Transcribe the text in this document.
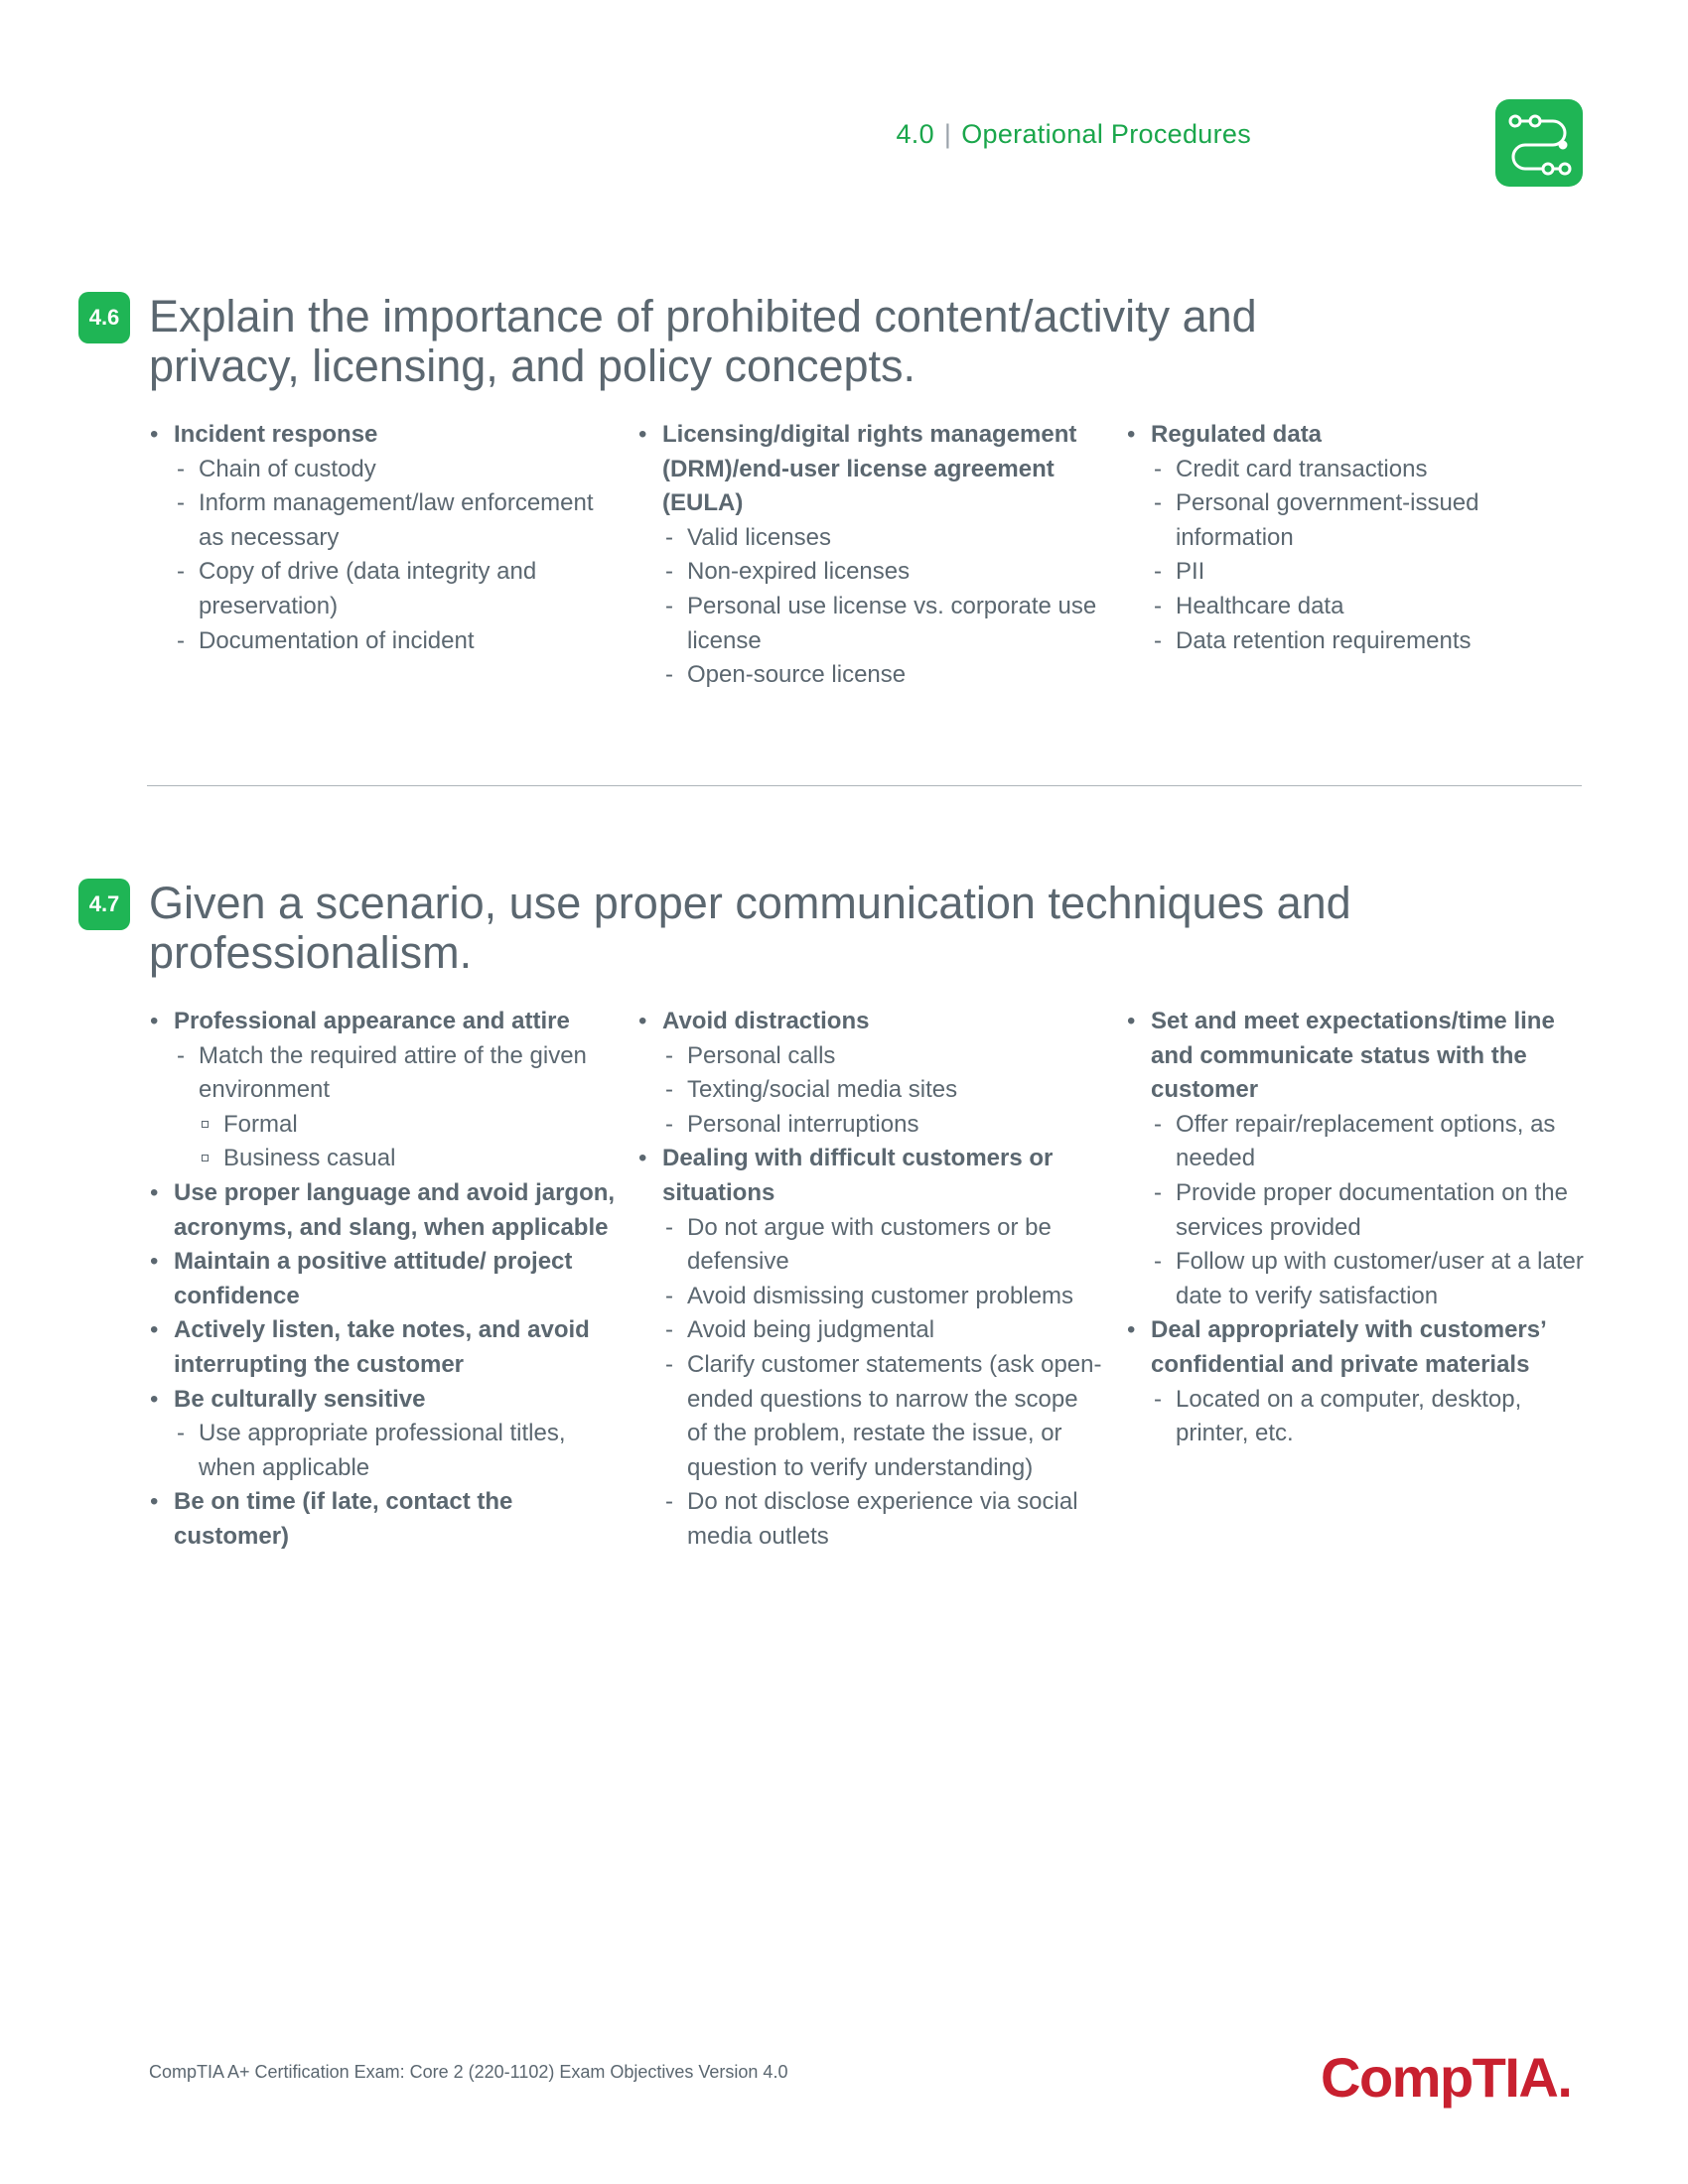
4.0 | Operational Procedures
4.6 Explain the importance of prohibited content/activity and
privacy, licensing, and policy concepts.
• Incident response
- Chain of custody
- Inform management/law enforcement as necessary
- Copy of drive (data integrity and preservation)
- Documentation of incident
• Licensing/digital rights management (DRM)/end-user license agreement (EULA)
- Valid licenses
- Non-expired licenses
- Personal use license vs. corporate use license
- Open-source license
• Regulated data
- Credit card transactions
- Personal government-issued information
- PII
- Healthcare data
- Data retention requirements
4.7 Given a scenario, use proper communication techniques and
professionalism.
• Professional appearance and attire
- Match the required attire of the given environment
Formal
Business casual
• Use proper language and avoid jargon, acronyms, and slang, when applicable
• Maintain a positive attitude/ project confidence
• Actively listen, take notes, and avoid interrupting the customer
• Be culturally sensitive
- Use appropriate professional titles, when applicable
• Be on time (if late, contact the customer)
• Avoid distractions
- Personal calls
- Texting/social media sites
- Personal interruptions
• Dealing with difficult customers or situations
- Do not argue with customers or be defensive
- Avoid dismissing customer problems
- Avoid being judgmental
- Clarify customer statements (ask open-ended questions to narrow the scope of the problem, restate the issue, or question to verify understanding)
- Do not disclose experience via social media outlets
• Set and meet expectations/time line and communicate status with the customer
- Offer repair/replacement options, as needed
- Provide proper documentation on the services provided
- Follow up with customer/user at a later date to verify satisfaction
• Deal appropriately with customers’ confidential and private materials
- Located on a computer, desktop, printer, etc.
CompTIA A+ Certification Exam: Core 2 (220-1102) Exam Objectives Version 4.0	CompTIA.
